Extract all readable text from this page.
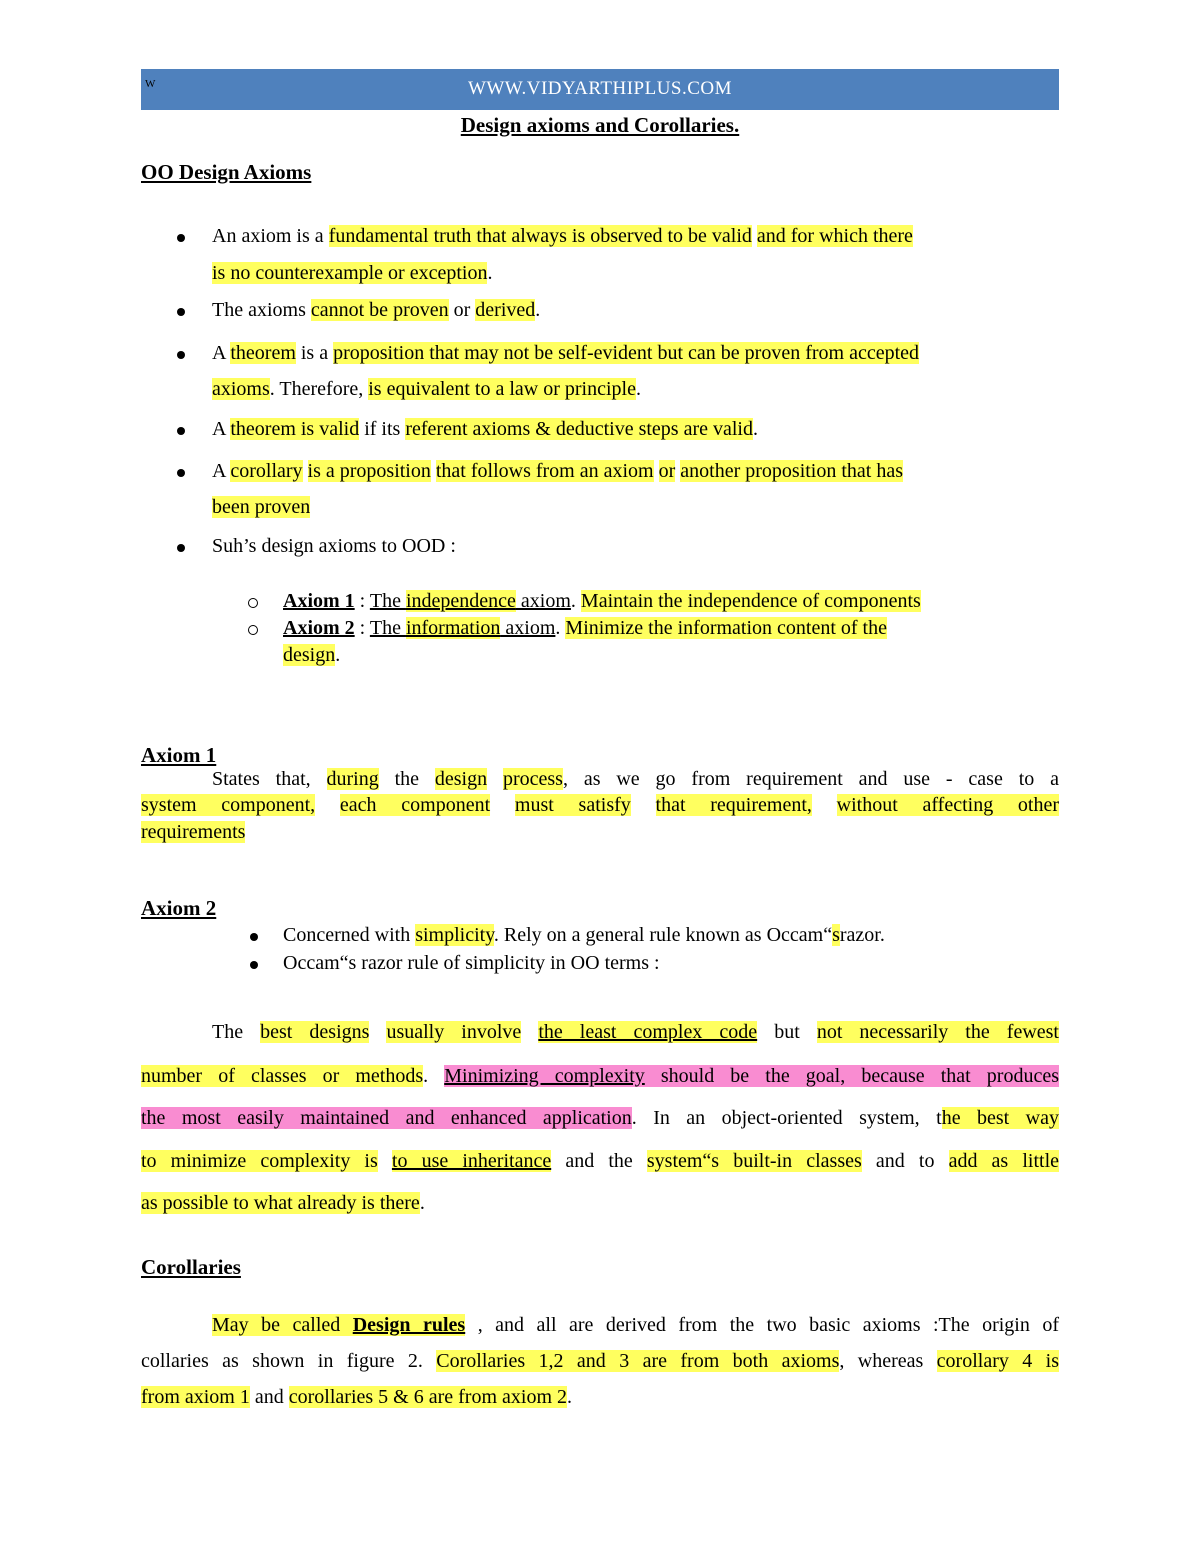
W	WWW.VIDYARTHIPLUS.COM
Design axioms and Corollaries.
OO Design Axioms
An axiom is a fundamental truth that always is observed to be valid and for which there
is no counterexample or exception.
The axioms cannot be proven or derived.
A theorem is a proposition that may not be self-evident but can be proven from accepted
axioms. Therefore, is equivalent to a law or principle.
A theorem is valid if its referent axioms & deductive steps are valid.
A corollary is a proposition that follows from an axiom or another proposition that has
been proven
Suh’s design axioms to OOD :
Axiom 1 : The independence axiom. Maintain the independence of components
Axiom 2 : The information axiom. Minimize the information content of the
design.
Axiom 1
States that, during the design process, as we go from requirement and use - case to a
system component, each component must satisfy that requirement, without affecting other
requirements
Axiom 2
Concerned with simplicity. Rely on a general rule known as Occam“srazor.
Occam“s razor rule of simplicity in OO terms :
The best designs usually involve the least complex code but not necessarily the fewest
number of classes or methods. Minimizing complexity should be the goal, because that produces
the most easily maintained and enhanced application. In an object-oriented system, the best way
to minimize complexity is to use inheritance and the system“s built-in classes and to add as little
as possible to what already is there.
Corollaries
May be called Design rules , and all are derived from the two basic axioms :The origin of
collaries as shown in figure 2. Corollaries 1,2 and 3 are from both axioms, whereas corollary 4 is
from axiom 1 and corollaries 5 & 6 are from axiom 2.
